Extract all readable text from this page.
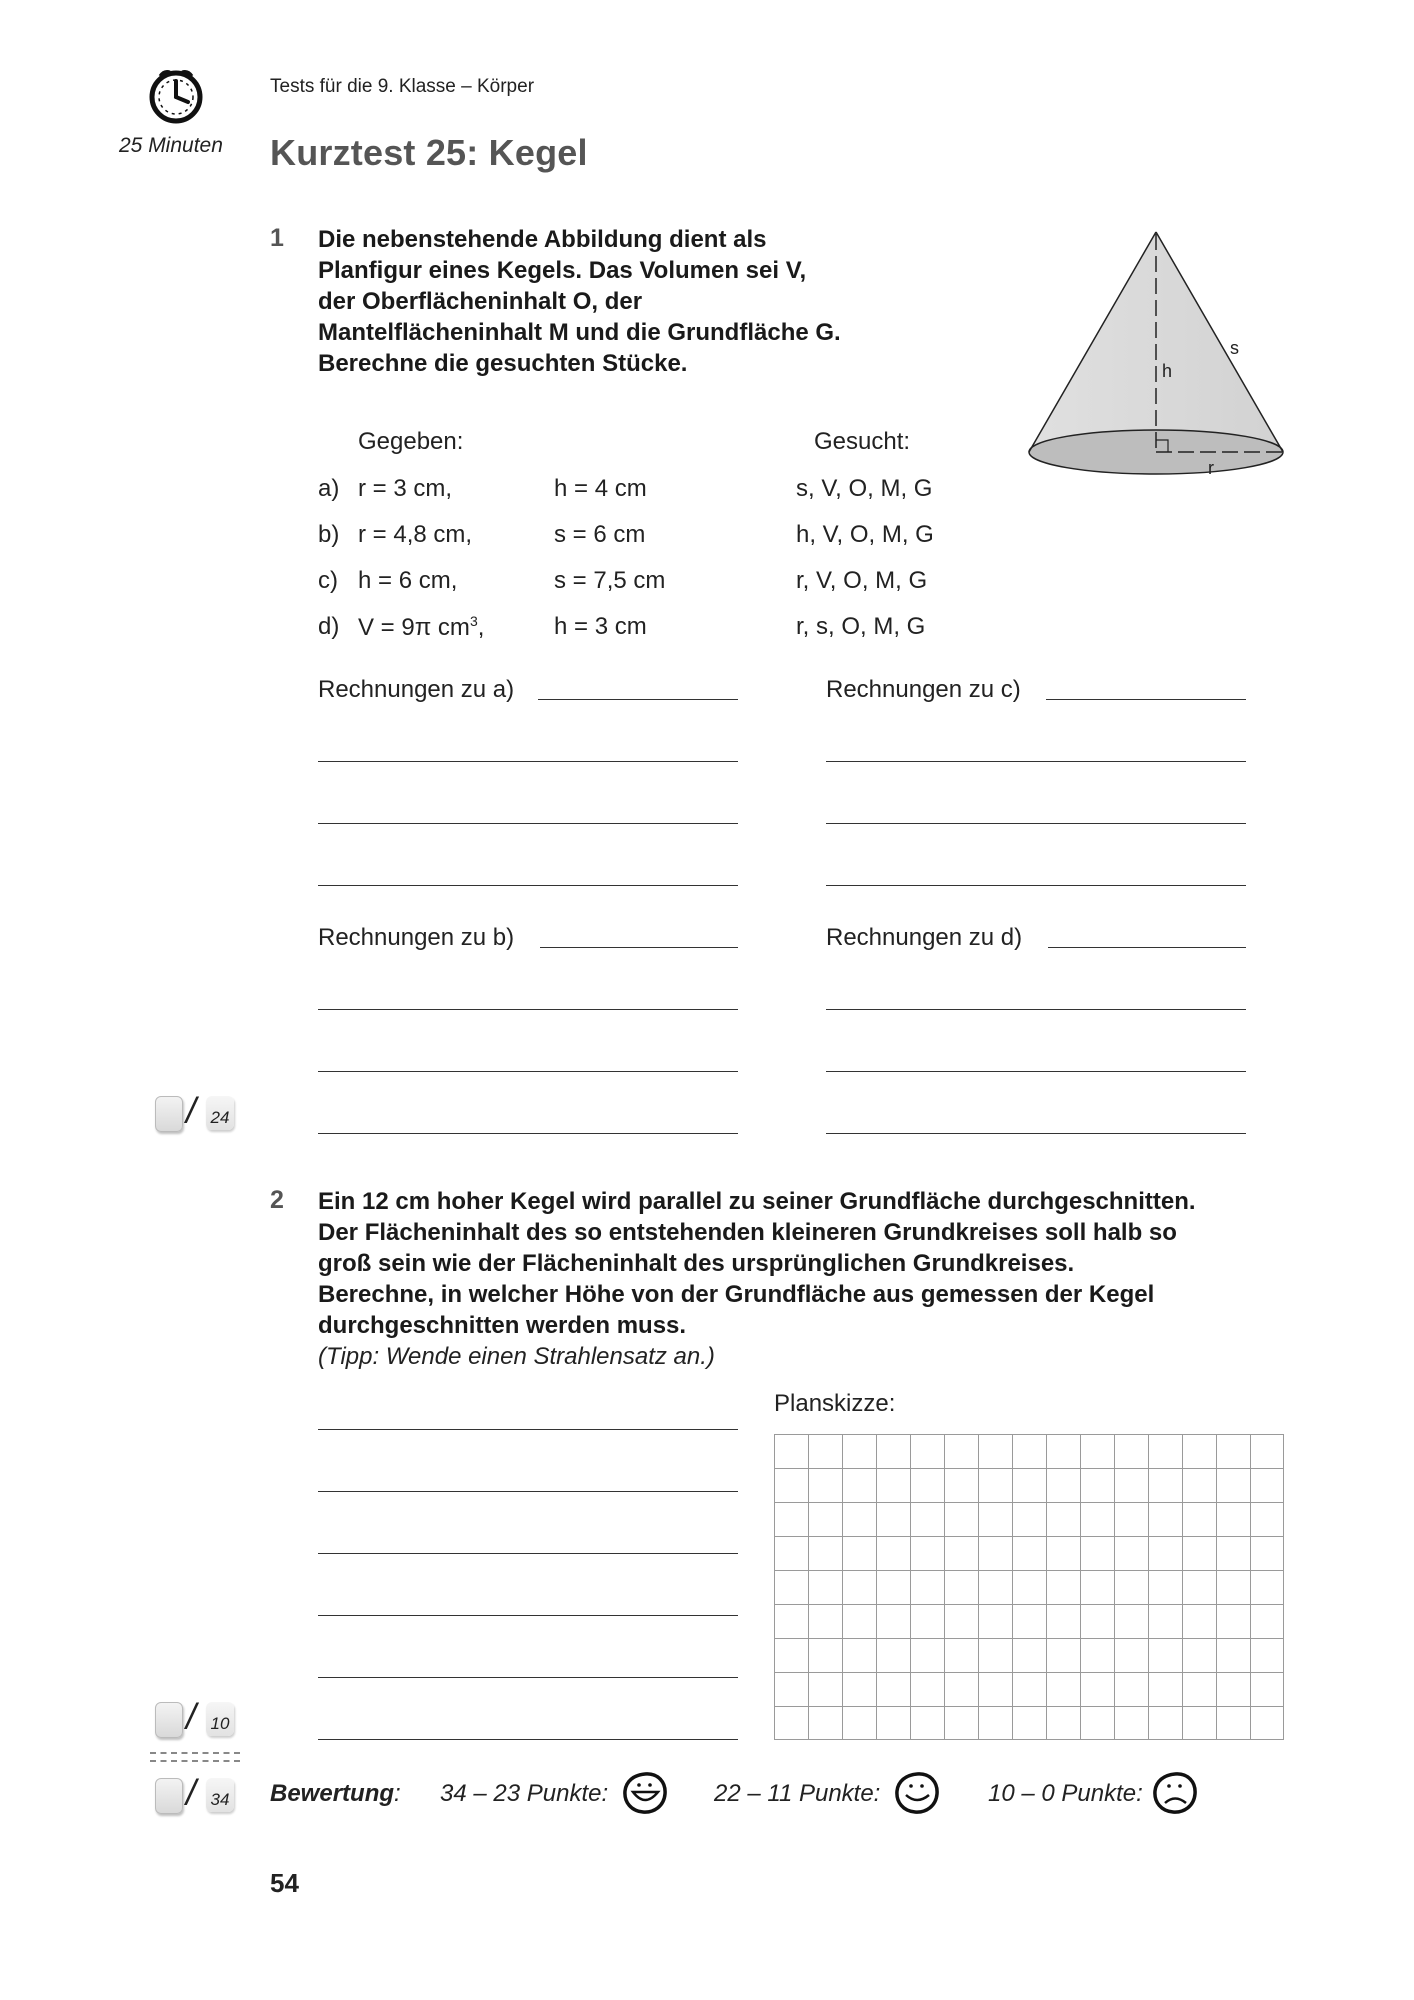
25 Minuten
Tests für die 9. Klasse – Körper
Kurztest 25: Kegel
1 Die nebenstehende Abbildung dient als
Planfigur eines Kegels. Das Volumen sei V,
der Oberflächeninhalt O, der
Mantelflächeninhalt M und die Grundfläche G.
Berechne die gesuchten Stücke.
s
h
r
Gegeben:	Gesucht:
a) r = 3 cm,	h = 4 cm	s, V, O, M, G
b) r = 4,8 cm,	s = 6 cm	h, V, O, M, G
c) h = 6 cm,	s = 7,5 cm	r, V, O, M, G
d) V = 9π $cm^3$,	h = 3 cm	r, s, O, M, G
Rechnungen zu a)	Rechnungen zu c)
Rechnungen zu b)	Rechnungen zu d)
/ 24
2 Ein 12 cm hoher Kegel wird parallel zu seiner Grundfläche durchgeschnitten.
Der Flächeninhalt des so entstehenden kleineren Grundkreises soll halb so
groß sein wie der Flächeninhalt des ursprünglichen Grundkreises.
Berechne, in welcher Höhe von der Grundfläche aus gemessen der Kegel
durchgeschnitten werden muss.
(Tipp: Wende einen Strahlensatz an.)
Planskizze:
/ 10
/ 34 Bewertung:	34 – 23 Punkte:	22 – 11 Punkte:	10 – 0 Punkte:
54
